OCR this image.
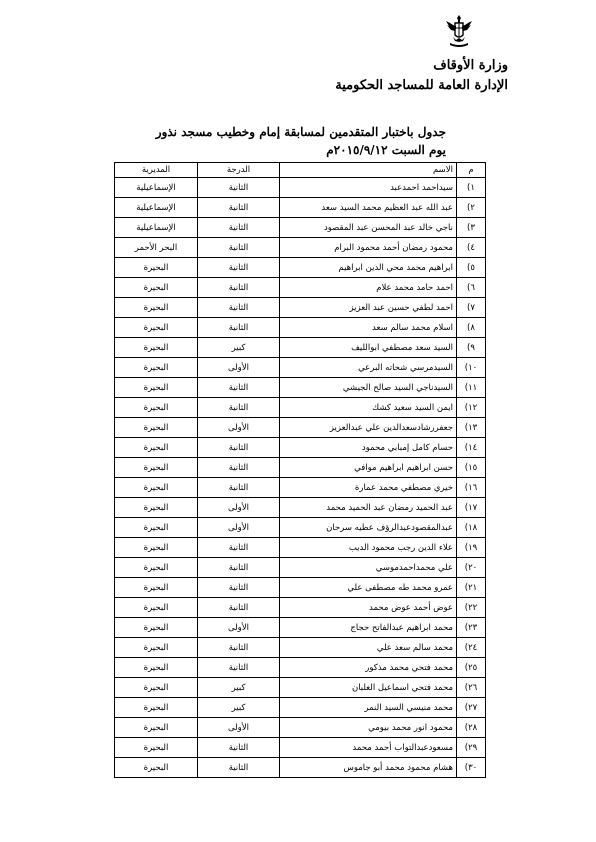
وزارة الأوقاف
الإدارة العامة للمساجد الحكومية
جدول باختبار المتقدمين لمسابقة إمام وخطيب مسجد نذور
يوم السبت ٢٠١٥/٩/١٢م
م	الاسم	الدرجة	المديرية
١)	سيداحمد احمدعبد	الثانية	الإسماعيلية
٢)	عبد الله عبد العظيم محمد السيد سعد	الثانية	الإسماعيلية
٣)	ناجي خالد عبد المحسن عبد المقصود	الثانية	الإسماعيلية
٤)	محمود رمضان أحمد محمود البرام	الثانية	البحر الأحمر
٥)	ابراهيم محمد محي الدين ابراهيم	الثانية	البحيرة
٦)	احمد حامد محمد علام	الثانية	البحيرة
٧)	احمد لطفي حسين عبد العزيز	الثانية	البحيرة
٨)	اسلام محمد سالم سعد	الثانية	البحيرة
٩)	السيد سعد مصطفي ابوالليف	كبير	البحيرة
١٠)	السيدمرسي شحاته البرعي	الأولى	البحيرة
١١)	السيدناجي السيد صالح الجيشي	الثانية	البحيرة
١٢)	ايمن السيد سعيد كشك	الثانية	البحيرة
١٣)	جعفررشادسعدالدين علي عبدالعزيز	الأولى	البحيرة
١٤)	حسام كامل إمبابي محمود	الثانية	البحيرة
١٥)	حسن ابراهيم ابراهيم موافي	الثانية	البحيرة
١٦)	خيري مصطفي محمد عمارة	الثانية	البحيرة
١٧)	عبد الحميد رمضان عبد الحميد محمد	الأولى	البحيرة
١٨)	عبدالمقصودعبدالرؤف عطيه سرحان	الأولى	البحيرة
١٩)	علاء الدين رجب محمود الديب	الثانية	البحيرة
٢٠)	علي محمداحمدموسي	الثانية	البحيرة
٢١)	عمرو محمد طه مصطفى علي	الثانية	البحيرة
٢٢)	عوض أحمد عوض محمد	الثانية	البحيرة
٢٣)	محمد ابراهيم عبدالفاتح حجاج	الأولى	البحيرة
٢٤)	محمد سالم سعد علي	الثانية	البحيرة
٢٥)	محمد فتحي محمد مذكور	الثانية	البحيرة
٢٦)	محمد فتحي اسماعيل الغلبان	كبير	البحيرة
٢٧)	محمد منيسي السيد النمر	كبير	البحيرة
٢٨)	محمود انور محمد بيومي	الأولى	البحيرة
٢٩)	مسعودعبدالتواب أحمد محمد	الثانية	البحيرة
٣٠)	هشام محمود محمد أبو جاموس	الثانية	البحيرة
